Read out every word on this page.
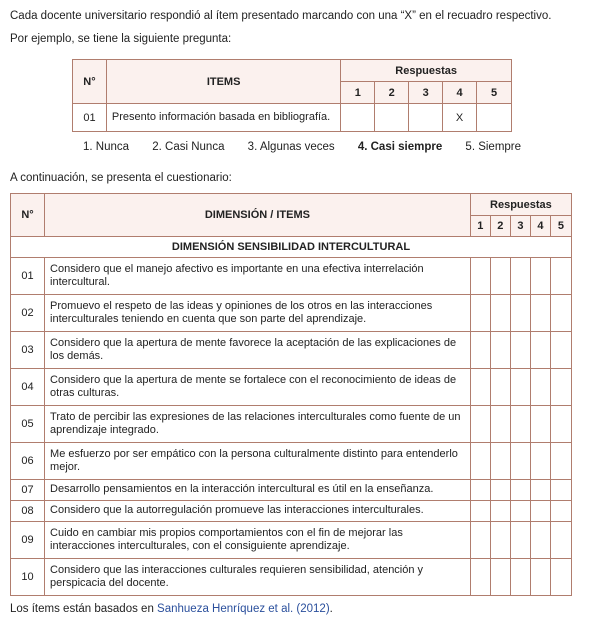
Cada docente universitario respondió al ítem presentado marcando con una “X” en el recuadro respectivo.
Por ejemplo, se tiene la siguiente pregunta:
N°	ITEMS	Respuestas				
		1	2	3	4	5
01	Presento información basada en bibliografía.				X	
1. Nunca 2. Casi Nunca 3. Algunas veces 4. Casi siempre 5. Siempre
A continuación, se presenta el cuestionario:
N°	DIMENSIÓN / ITEMS	Respuestas				
		1	2	3	4	5
DIMENSIÓN SENSIBILIDAD INTERCULTURAL						
01	Considero que el manejo afectivo es importante en una efectiva interrelación intercultural.					
02	Promuevo el respeto de las ideas y opiniones de los otros en las interacciones interculturales teniendo en cuenta que son parte del aprendizaje.					
03	Considero que la apertura de mente favorece la aceptación de las explicaciones de los demás.					
04	Considero que la apertura de mente se fortalece con el reconocimiento de ideas de otras culturas.					
05	Trato de percibir las expresiones de las relaciones interculturales como fuente de un aprendizaje integrado.					
06	Me esfuerzo por ser empático con la persona culturalmente distinto para entenderlo mejor.					
07	Desarrollo pensamientos en la interacción intercultural es útil en la enseñanza.					
08	Considero que la autorregulación promueve las interacciones interculturales.					
09	Cuido en cambiar mis propios comportamientos con el fin de mejorar las interacciones interculturales, con el consiguiente aprendizaje.					
10	Considero que las interacciones culturales requieren sensibilidad, atención y perspicacia del docente.					
Los ítems están basados en Sanhueza Henríquez et al. (2012).
